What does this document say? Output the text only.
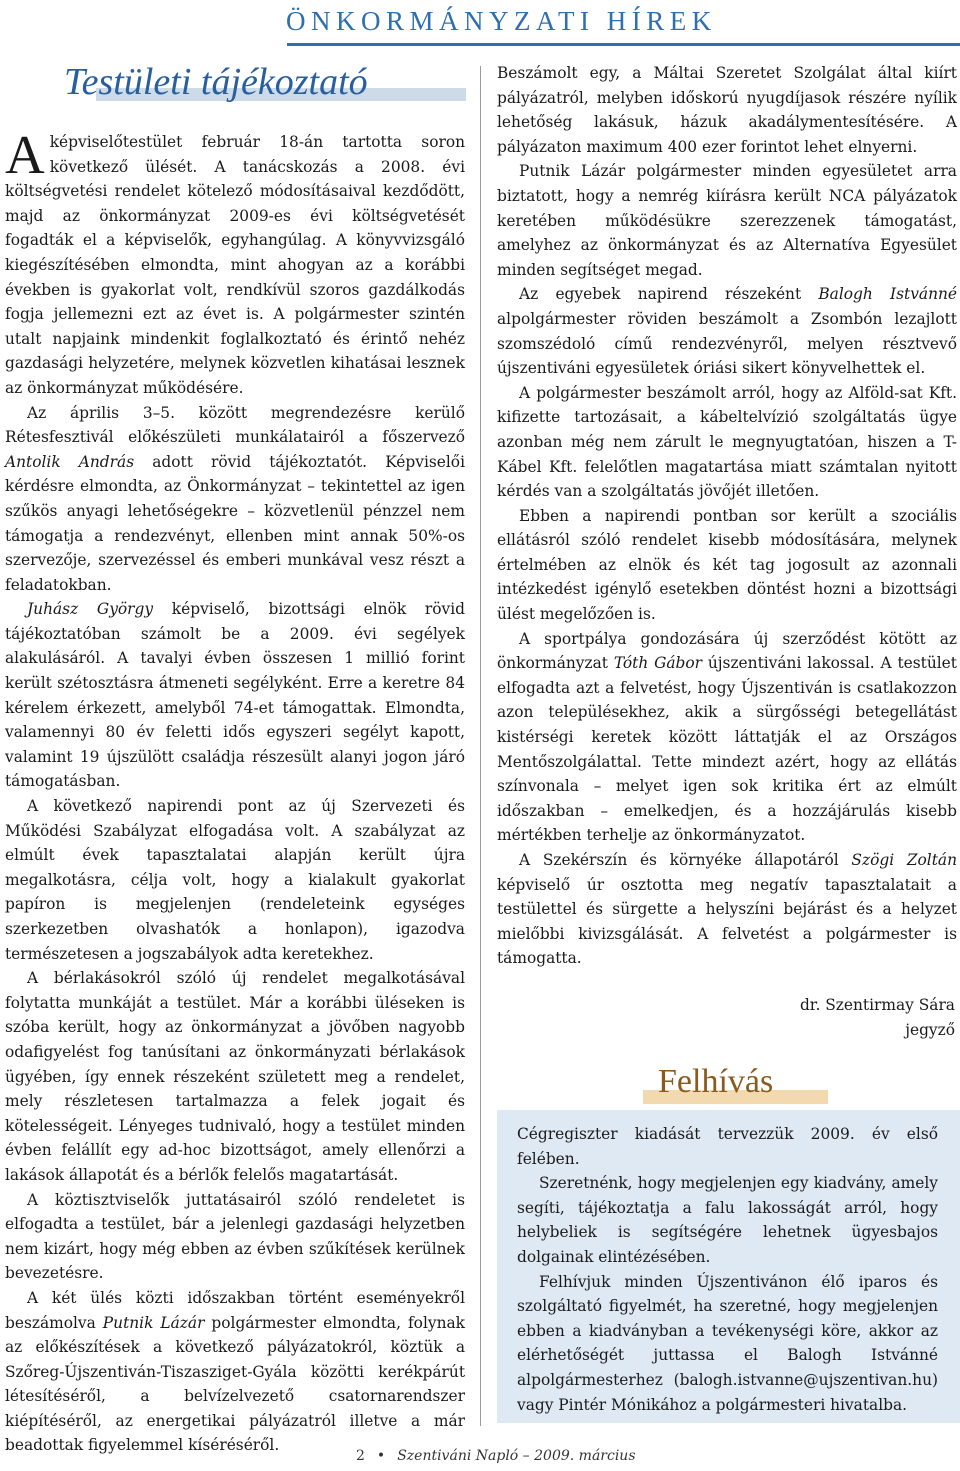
ÖNKORMÁNYZATI HÍREK
Testületi tájékoztató
A képviselőtestület február 18-án tartotta soron következő ülését. A tanácskozás a 2008. évi költségvetési rendelet kötelező módosításaival kezdődött, majd az önkormányzat 2009-es évi költségvetését fogadták el a képviselők, egyhangúlag. A könyvvizsgáló kiegészítésében elmondta, mint ahogyan az a korábbi években is gyakorlat volt, rendkívül szoros gazdálkodás fogja jellemezni ezt az évet is. A polgármester szintén utalt napjaink mindenkit foglalkoztató és érintő nehéz gazdasági helyzetére, melynek közvetlen kihatásai lesznek az önkormányzat működésére.

Az április 3–5. között megrendezésre kerülő Rétesfesztivál előkészületi munkálatairól a főszervező Antolik András adott rövid tájékoztatót. Képviselői kérdésre elmondta, az Önkormányzat – tekintettel az igen szűkös anyagi lehetőségekre – közvetlenül pénzzel nem támogatja a rendezvényt, ellenben mint annak 50%-os szervezője, szervezéssel és emberi munkával vesz részt a feladatokban.

Juhász György képviselő, bizottsági elnök rövid tájékoztatóban számolt be a 2009. évi segélyek alakulásáról. A tavalyi évben összesen 1 millió forint került szétosztásra átmeneti segélyként. Erre a keretre 84 kérelem érkezett, amelyből 74-et támogattak. Elmondta, valamennyi 80 év feletti idős egyszeri segélyt kapott, valamint 19 újszülött családja részesült alanyi jogon járó támogatásban.

A következő napirendi pont az új Szervezeti és Működési Szabályzat elfogadása volt. A szabályzat az elmúlt évek tapasztalatai alapján került újra megalkotásra, célja volt, hogy a kialakult gyakorlat papíron is megjelenjen (rendeleteink egységes szerkezetben olvashatók a honlapon), igazodva természetesen a jogszabályok adta keretekhez.

A bérlakásokról szóló új rendelet megalkotásával folytatta munkáját a testület. Már a korábbi üléseken is szóba került, hogy az önkormányzat a jövőben nagyobb odafigyelést fog tanúsítani az önkormányzati bérlakások ügyében, így ennek részeként született meg a rendelet, mely részletesen tartalmazza a felek jogait és kötelességeit. Lényeges tudnivaló, hogy a testület minden évben felállít egy ad-hoc bizottságot, amely ellenőrzi a lakások állapotát és a bérlők felelős magatartását.

A köztisztviselők juttatásairól szóló rendeletet is elfogadta a testület, bár a jelenlegi gazdasági helyzetben nem kizárt, hogy még ebben az évben szűkítések kerülnek bevezetésre.

A két ülés közti időszakban történt eseményekről beszámolva Putnik Lázár polgármester elmondta, folynak az előkészítések a következő pályázatokról, köztük a Szőreg-Újszentiván-Tiszasziget-Gyála közötti kerékpárút létesítéséről, a belvízelvezető csatornarendszer kiépítéséről, az energetikai pályázatról illetve a már beadottak figyelemmel kíséréséről.

Beszámolt egy, a Máltai Szeretet Szolgálat által kiírt pályázatról, melyben időskorú nyugdíjasok részére nyílik lehetőség lakásuk, házuk akadálymentesítésére. A pályázaton maximum 400 ezer forintot lehet elnyerni.

Putnik Lázár polgármester minden egyesületet arra biztatott, hogy a nemrég kiírásra került NCA pályázatok keretében működésükre szerezzenek támogatást, amelyhez az önkormányzat és az Alternatíva Egyesület minden segítséget megad.

Az egyebek napirend részeként Balogh Istvánné alpolgármester röviden beszámolt a Zsombón lezajlott szomszédoló című rendezvényről, melyen résztvevő újszentiváni egyesületek óriási sikert könyvelhettek el.

A polgármester beszámolt arról, hogy az Alföld-sat Kft. kifizette tartozásait, a kábeltelvízió szolgáltatás ügye azonban még nem zárult le megnyugtatóan, hiszen a T-Kábel Kft. felelőtlen magatartása miatt számtalan nyitott kérdés van a szolgáltatás jövőjét illetően.

Ebben a napirendi pontban sor került a szociális ellátásról szóló rendelet kisebb módosítására, melynek értelmében az elnök és két tag jogosult az azonnali intézkedést igénylő esetekben döntést hozni a bizottsági ülést megelőzően is.

A sportpálya gondozására új szerződést kötött az önkormányzat Tóth Gábor újszentiváni lakossal. A testület elfogadta azt a felvetést, hogy Újszentiván is csatlakozzon azon településekhez, akik a sürgősségi betegellátást kistérségi keretek között láttatják el az Országos Mentőszolgálattal. Tette mindezt azért, hogy az ellátás színvonala – melyet igen sok kritika ért az elmúlt időszakban – emelkedjen, és a hozzájárulás kisebb mértékben terhelje az önkormányzatot.

A Szekérszín és környéke állapotáról Szögi Zoltán képviselő úr osztotta meg negatív tapasztalatait a testülettel és sürgette a helyszíni bejárást és a helyzet mielőbbi kivizsgálását. A felvetést a polgármester is támogatta.

dr. Szentirmay Sára
jegyző
Felhívás

Cégregiszter kiadását tervezzük 2009. év első felében.

Szeretnénk, hogy megjelenjen egy kiadvány, amely segíti, tájékoztatja a falu lakosságát arról, hogy helybeliek is segítségére lehetnek ügyesbajos dolgainak elintézésében.

Felhívjuk minden Újszentivánon élő iparos és szolgáltató figyelmét, ha szeretné, hogy megjelenjen ebben a kiadványban a tevékenységi köre, akkor az elérhetőségét juttassa el Balogh Istvánné alpolgármesterhez (balogh.istvanne@ujszentivan.hu) vagy Pintér Mónikához a polgármesteri hivatalba.

2 • Szentiváni Napló – 2009. március
